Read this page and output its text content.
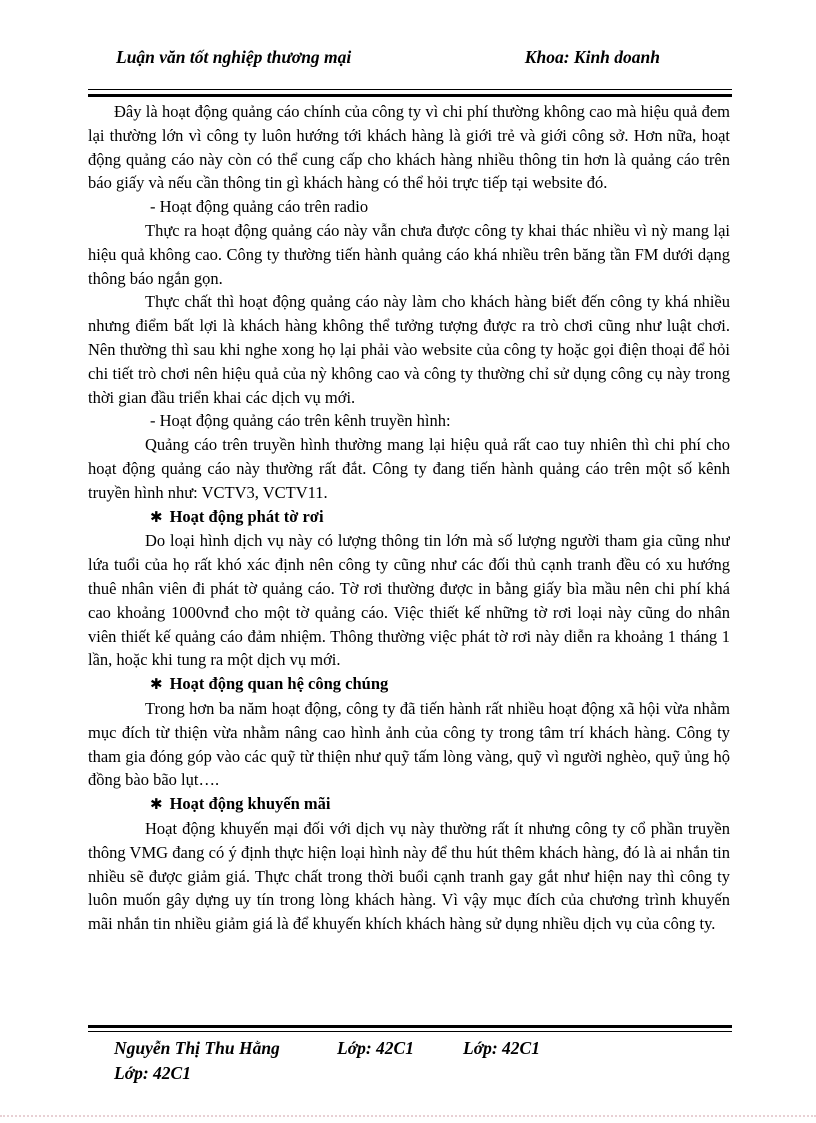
Luận văn tốt nghiệp thương mại	Khoa: Kinh doanh

Đây là hoạt động quảng cáo chính của công ty vì chi phí thường không cao mà hiệu quả đem lại thường lớn vì công ty luôn hướng tới khách hàng là giới trẻ và giới công sở. Hơn nữa, hoạt động quảng cáo này còn có thể cung cấp cho khách hàng nhiều thông tin hơn là quảng cáo trên báo giấy và nếu cần thông tin gì khách hàng có thể hỏi trực tiếp tại website đó.

- Hoạt động quảng cáo trên radio

Thực ra hoạt động quảng cáo này vẫn chưa được công ty khai thác nhiều vì nỳ mang lại hiệu quả không cao. Công ty thường tiến hành quảng cáo khá nhiều trên băng tần FM dưới dạng thông báo ngắn gọn.

Thực chất thì hoạt động quảng cáo này làm cho khách hàng biết đến công ty khá nhiều nhưng điểm bất lợi là khách hàng không thể tưởng tượng được ra trò chơi cũng như luật chơi. Nên thường thì sau khi nghe xong họ lại phải vào website của công ty hoặc gọi điện thoại để hỏi chi tiết trò chơi nên hiệu quả của nỳ không cao và công ty thường chỉ sử dụng công cụ này trong thời gian đầu triển khai các dịch vụ mới.

- Hoạt động quảng cáo trên kênh truyền hình:

Quảng cáo trên truyền hình thường mang lại hiệu quả rất cao tuy nhiên thì chi phí cho hoạt động quảng cáo này thường rất đắt. Công ty đang tiến hành quảng cáo trên một số kênh truyền hình như: VCTV3, VCTV11.

✱ Hoạt động phát tờ rơi

Do loại hình dịch vụ này có lượng thông tin lớn mà số lượng người tham gia cũng như lứa tuổi của họ rất khó xác định nên công ty cũng như các đối thủ cạnh tranh đều có xu hướng thuê nhân viên đi phát tờ quảng cáo. Tờ rơi thường được in bằng giấy bìa mầu nên chi phí khá cao khoảng 1000vnđ cho một tờ quảng cáo. Việc thiết kế những tờ rơi loại này cũng do nhân viên thiết kế quảng cáo đảm nhiệm. Thông thường việc phát tờ rơi này diễn ra khoảng 1 tháng 1 lần, hoặc khi tung ra một dịch vụ mới.

✱ Hoạt động quan hệ công chúng

Trong hơn ba năm hoạt động, công ty đã tiến hành rất nhiều hoạt động xã hội vừa nhằm mục đích từ thiện vừa nhằm nâng cao hình ảnh của công ty trong tâm trí khách hàng. Công ty tham gia đóng góp vào các quỹ từ thiện như quỹ tấm lòng vàng, quỹ vì người nghèo, quỹ ủng hộ đồng bào bão lụt….

✱ Hoạt động khuyến mãi

Hoạt động khuyến mại đối với dịch vụ này thường rất ít nhưng công ty cổ phần truyền thông VMG đang có ý định thực hiện loại hình này để thu hút thêm khách hàng, đó là ai nhắn tin nhiều sẽ được giảm giá. Thực chất trong thời buổi cạnh tranh gay gắt như hiện nay thì công ty luôn muốn gây dựng uy tín trong lòng khách hàng. Vì vậy mục đích của chương trình khuyến mãi nhắn tin nhiều giảm giá là để khuyến khích khách hàng sử dụng nhiều dịch vụ của công ty.

Nguyễn Thị Thu Hằng	Lớp: 42C1	Lớp: 42C1
Lớp: 42C1
